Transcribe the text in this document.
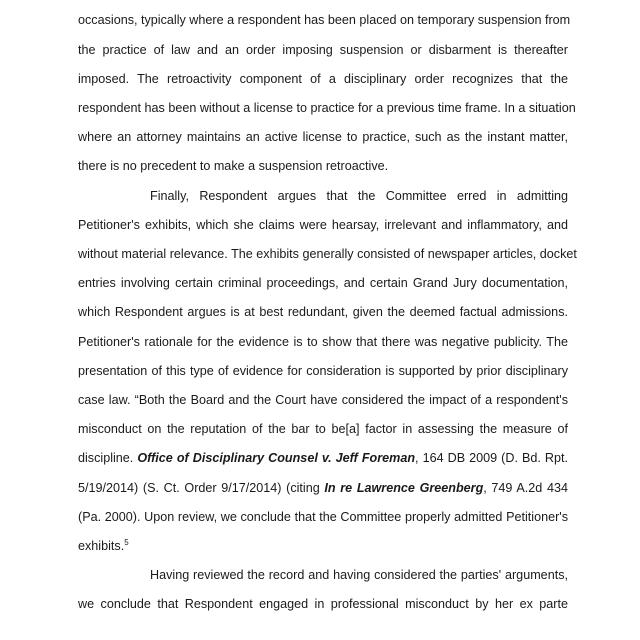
occasions, typically where a respondent has been placed on temporary suspension from
the practice of law and an order imposing suspension or disbarment is thereafter
imposed. The retroactivity component of a disciplinary order recognizes that the
respondent has been without a license to practice for a previous time frame. In a situation
where an attorney maintains an active license to practice, such as the instant matter,
there is no precedent to make a suspension retroactive.
Finally, Respondent argues that the Committee erred in admitting
Petitioner's exhibits, which she claims were hearsay, irrelevant and inflammatory, and
without material relevance. The exhibits generally consisted of newspaper articles, docket
entries involving certain criminal proceedings, and certain Grand Jury documentation,
which Respondent argues is at best redundant, given the deemed factual admissions.
Petitioner's rationale for the evidence is to show that there was negative publicity. The
presentation of this type of evidence for consideration is supported by prior disciplinary
case law. “Both the Board and the Court have considered the impact of a respondent's
misconduct on the reputation of the bar to be[a] factor in assessing the measure of
discipline. Office of Disciplinary Counsel v. Jeff Foreman, 164 DB 2009 (D. Bd. Rpt.
5/19/2014) (S. Ct. Order 9/17/2014) (citing In re Lawrence Greenberg, 749 A.2d 434
(Pa. 2000). Upon review, we conclude that the Committee properly admitted Petitioner's
exhibits.$^5$
Having reviewed the record and having considered the parties' arguments,
we conclude that Respondent engaged in professional misconduct by her ex parte
